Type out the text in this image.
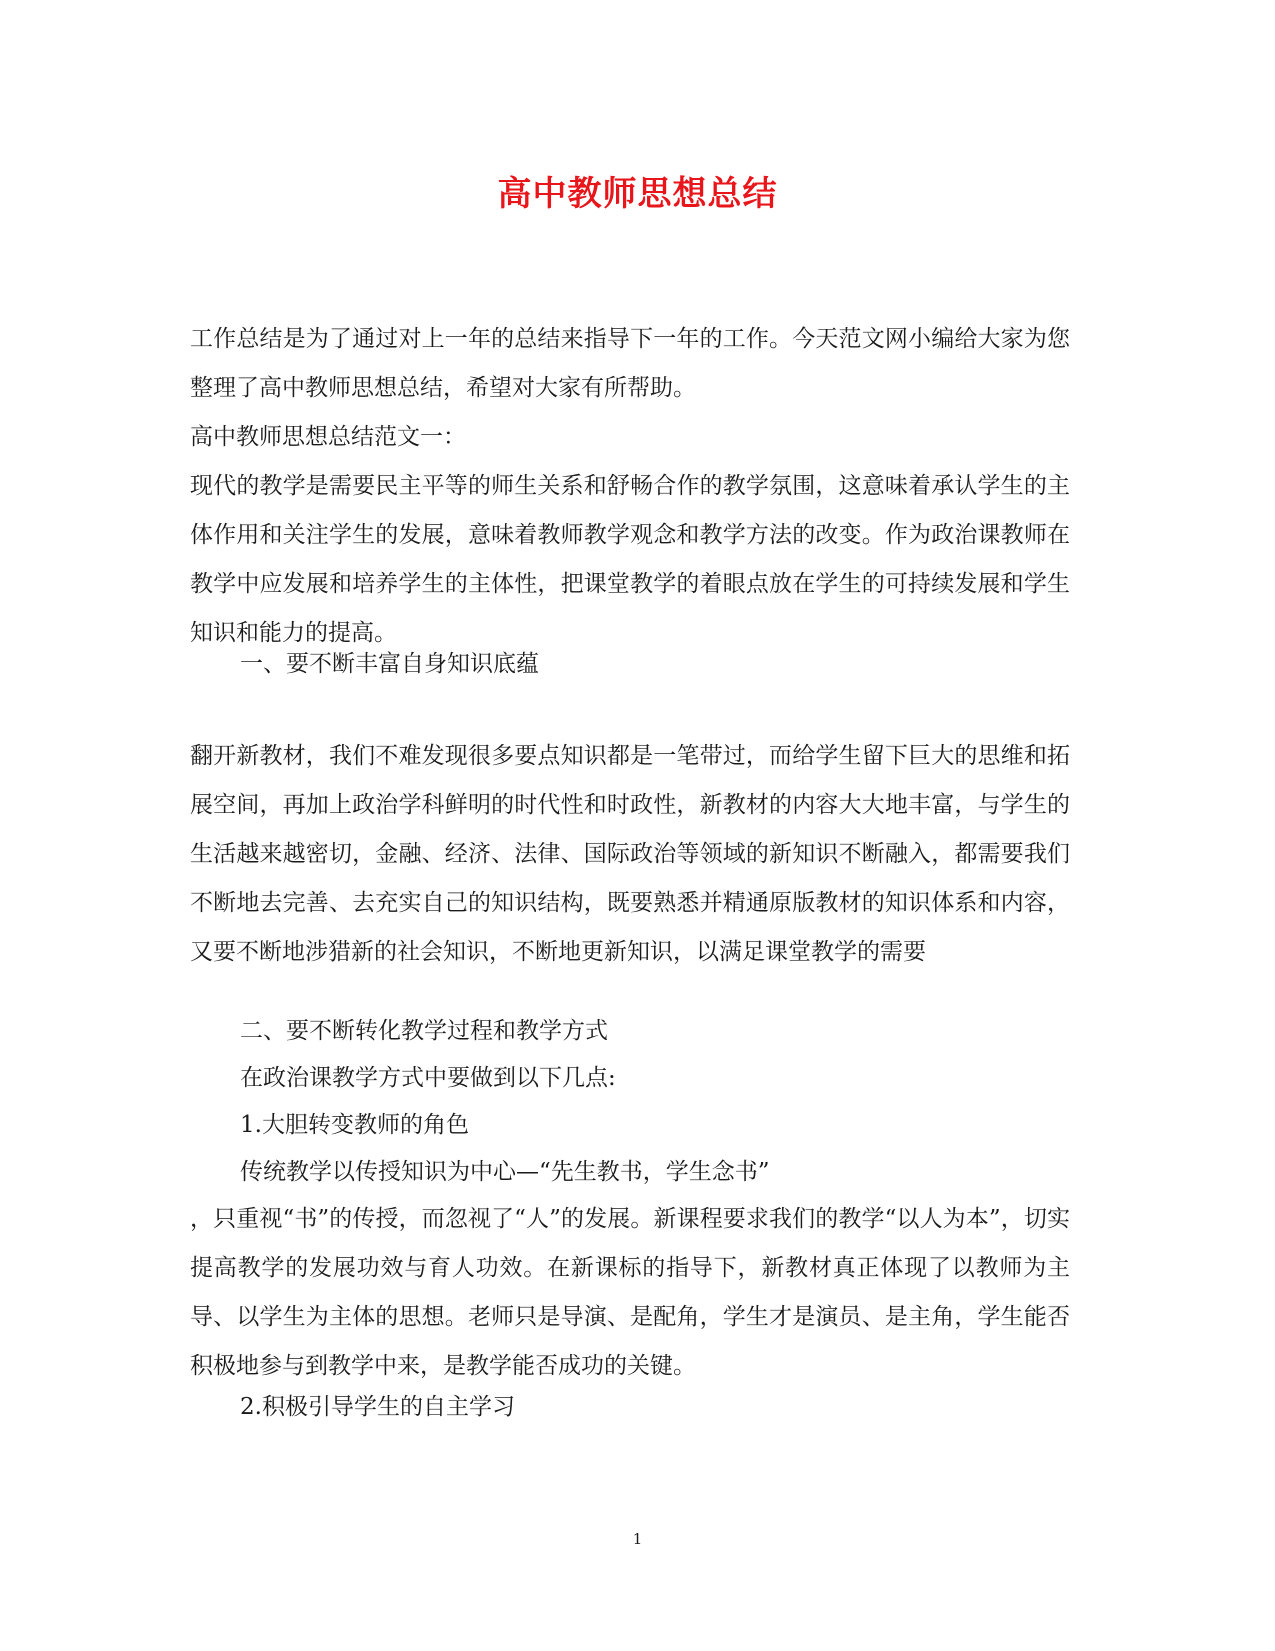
高中教师思想总结

工作总结是为了通过对上一年的总结来指导下一年的工作。今天范文网小编给大家为您整理了高中教师思想总结，希望对大家有所帮助。

高中教师思想总结范文一：

现代的教学是需要民主平等的师生关系和舒畅合作的教学氛围，这意味着承认学生的主体作用和关注学生的发展，意味着教师教学观念和教学方法的改变。作为政治课教师在教学中应发展和培养学生的主体性，把课堂教学的着眼点放在学生的可持续发展和学生知识和能力的提高。

一、要不断丰富自身知识底蕴

翻开新教材，我们不难发现很多要点知识都是一笔带过，而给学生留下巨大的思维和拓展空间，再加上政治学科鲜明的时代性和时政性，新教材的内容大大地丰富，与学生的生活越来越密切，金融、经济、法律、国际政治等领域的新知识不断融入，都需要我们不断地去完善、去充实自己的知识结构，既要熟悉并精通原版教材的知识体系和内容，又要不断地涉猎新的社会知识，不断地更新知识，以满足课堂教学的需要

二、要不断转化教学过程和教学方式

在政治课教学方式中要做到以下几点:

1.大胆转变教师的角色

传统教学以传授知识为中心—“先生教书，学生念书”

，只重视“书”的传授，而忽视了“人”的发展。新课程要求我们的教学“以人为本”，切实提高教学的发展功效与育人功效。在新课标的指导下，新教材真正体现了以教师为主导、以学生为主体的思想。老师只是导演、是配角，学生才是演员、是主角，学生能否积极地参与到教学中来，是教学能否成功的关键。

2.积极引导学生的自主学习

1
